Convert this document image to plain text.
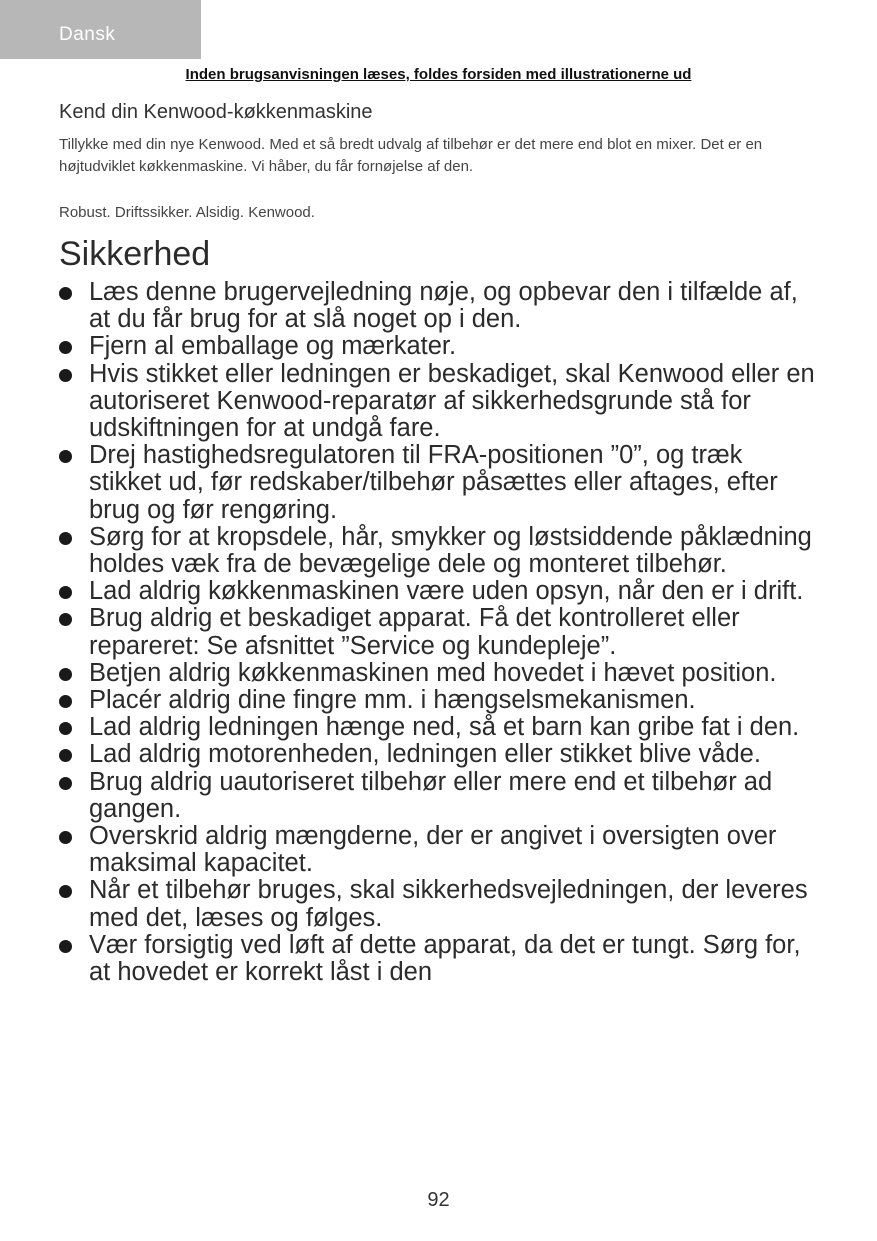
Dansk
Inden brugsanvisningen læses, foldes forsiden med illustrationerne ud
Kend din Kenwood-køkkenmaskine

Tillykke med din nye Kenwood. Med et så bredt udvalg af tilbehør er det mere end blot en mixer. Det er en højtudviklet køkkenmaskine. Vi håber, du får fornøjelse af den.

Robust. Driftssikker. Alsidig. Kenwood.

Sikkerhed
Læs denne brugervejledning nøje, og opbevar den i tilfælde af, at du får brug for at slå noget op i den.
Fjern al emballage og mærkater.
Hvis stikket eller ledningen er beskadiget, skal Kenwood eller en autoriseret Kenwood-reparatør af sikkerhedsgrunde stå for udskiftningen for at undgå fare.
Drej hastighedsregulatoren til FRA-positionen ”0”, og træk stikket ud, før redskaber/tilbehør påsættes eller aftages, efter brug og før rengøring.
Sørg for at kropsdele, hår, smykker og løstsiddende påklædning holdes væk fra de bevægelige dele og monteret tilbehør.
Lad aldrig køkkenmaskinen være uden opsyn, når den er i drift.
Brug aldrig et beskadiget apparat. Få det kontrolleret eller repareret: Se afsnittet ”Service og kundepleje”.
Betjen aldrig køkkenmaskinen med hovedet i hævet position.
Placér aldrig dine fingre mm. i hængselsmekanismen.
Lad aldrig ledningen hænge ned, så et barn kan gribe fat i den.
Lad aldrig motorenheden, ledningen eller stikket blive våde.
Brug aldrig uautoriseret tilbehør eller mere end et tilbehør ad gangen.
Overskrid aldrig mængderne, der er angivet i oversigten over maksimal kapacitet.
Når et tilbehør bruges, skal sikkerhedsvejledningen, der leveres med det, læses og følges.
Vær forsigtig ved løft af dette apparat, da det er tungt. Sørg for, at hovedet er korrekt låst i den
92
